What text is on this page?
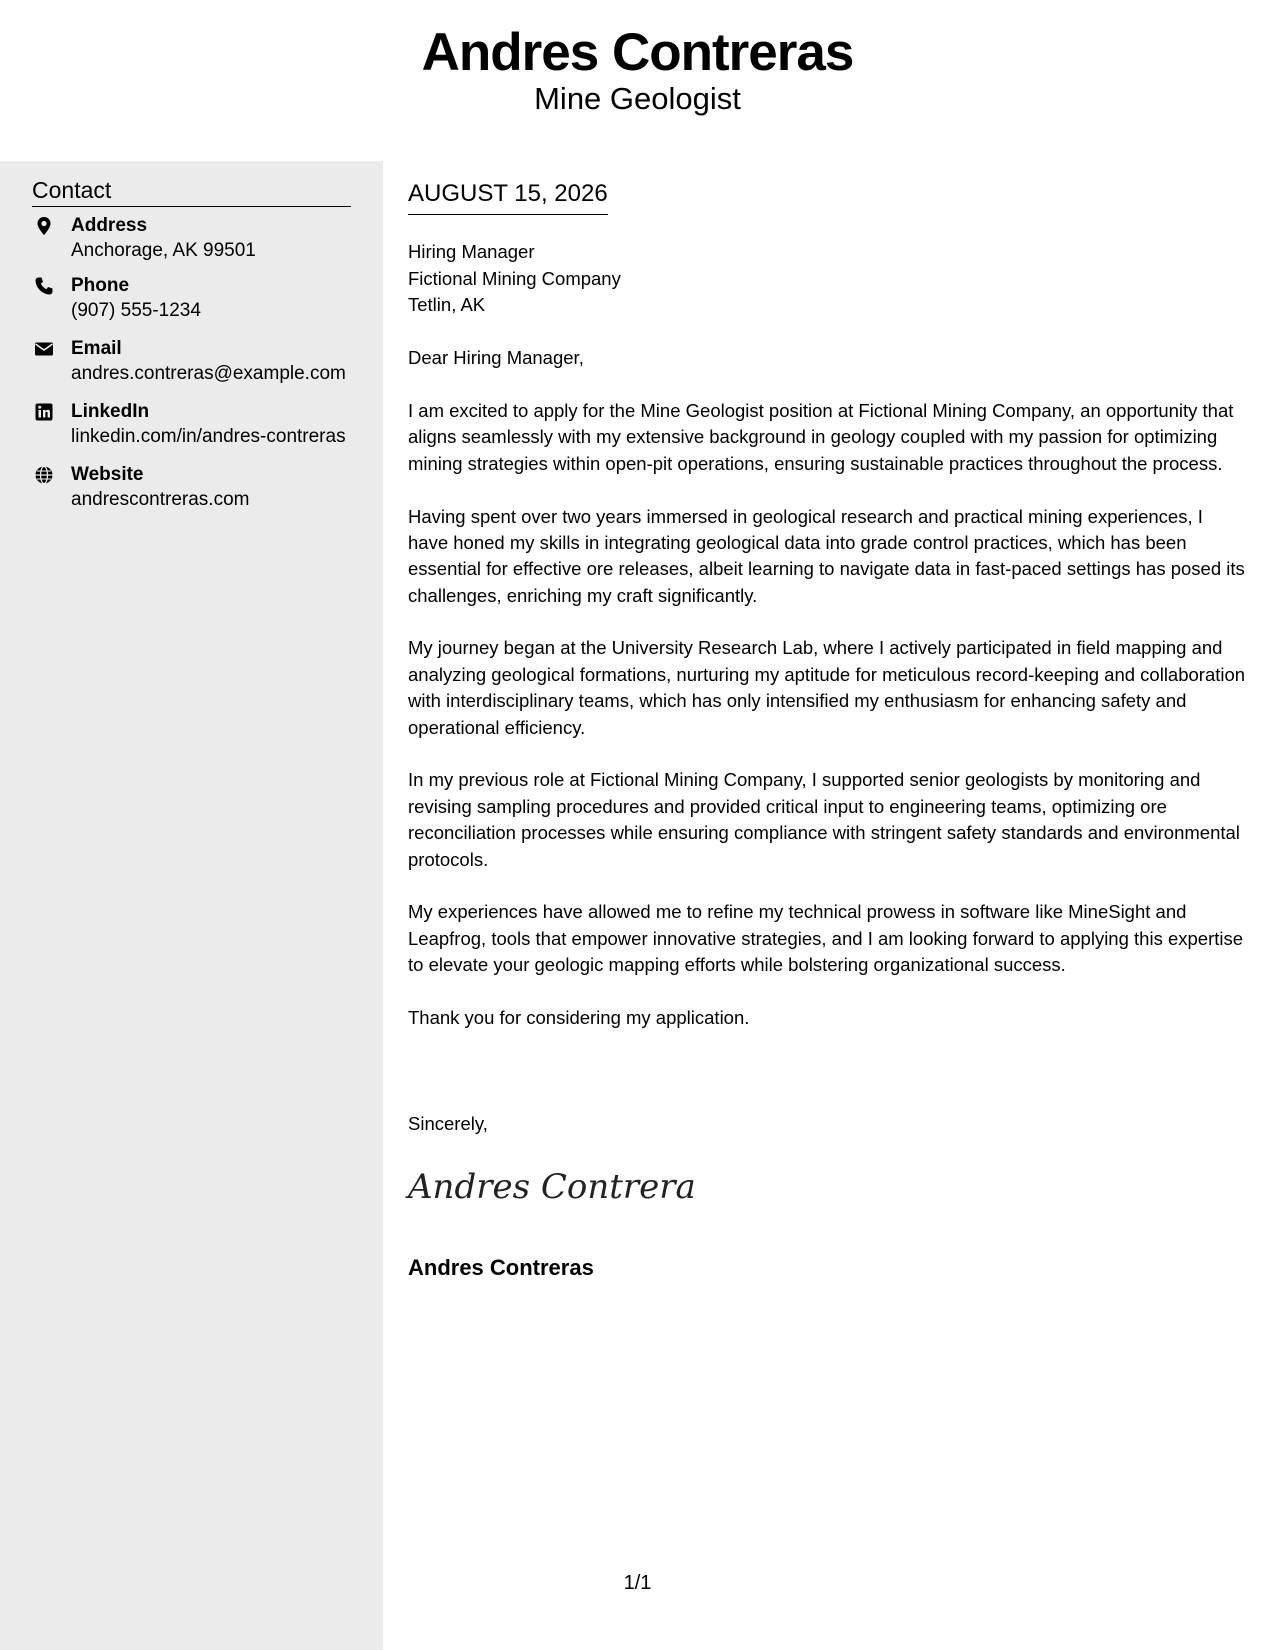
Andres Contreras
Mine Geologist
Contact
Address
Anchorage, AK 99501
Phone
(907) 555-1234
Email
andres.contreras@example.com
LinkedIn
linkedin.com/in/andres-contreras
Website
andrescontreras.com
AUGUST 15, 2026
Hiring Manager
Fictional Mining Company
Tetlin, AK
Dear Hiring Manager,

I am excited to apply for the Mine Geologist position at Fictional Mining Company, an opportunity that aligns seamlessly with my extensive background in geology coupled with my passion for optimizing mining strategies within open-pit operations, ensuring sustainable practices throughout the process.

Having spent over two years immersed in geological research and practical mining experiences, I have honed my skills in integrating geological data into grade control practices, which has been essential for effective ore releases, albeit learning to navigate data in fast-paced settings has posed its challenges, enriching my craft significantly.

My journey began at the University Research Lab, where I actively participated in field mapping and analyzing geological formations, nurturing my aptitude for meticulous record-keeping and collaboration with interdisciplinary teams, which has only intensified my enthusiasm for enhancing safety and operational efficiency.

In my previous role at Fictional Mining Company, I supported senior geologists by monitoring and revising sampling procedures and provided critical input to engineering teams, optimizing ore reconciliation processes while ensuring compliance with stringent safety standards and environmental protocols.

My experiences have allowed me to refine my technical prowess in software like MineSight and Leapfrog, tools that empower innovative strategies, and I am looking forward to applying this expertise to elevate your geologic mapping efforts while bolstering organizational success.

Thank you for considering my application.

Sincerely,
Andres Contrera
Andres Contreras
1/1
